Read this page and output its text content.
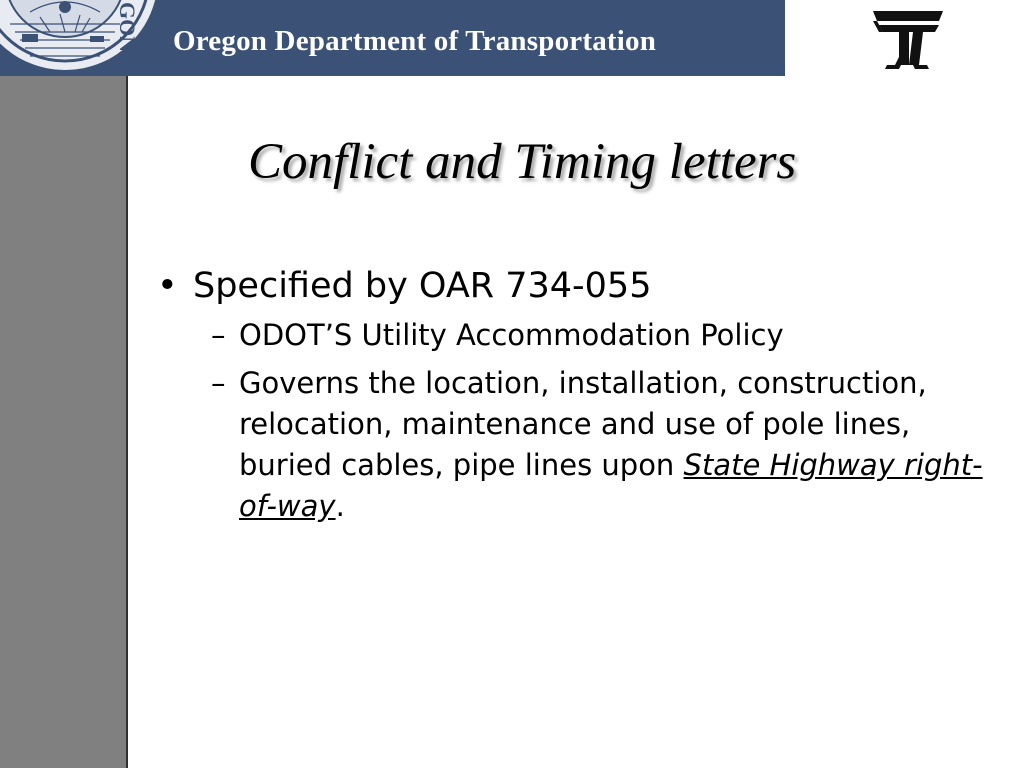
GON Oregon Department of Transportation
Conflict and Timing letters
• Specified by OAR 734-055
– ODOT’S Utility Accommodation Policy
– Governs the location, installation, construction, relocation, maintenance and use of pole lines, buried cables, pipe lines upon State Highway right-of-way.
